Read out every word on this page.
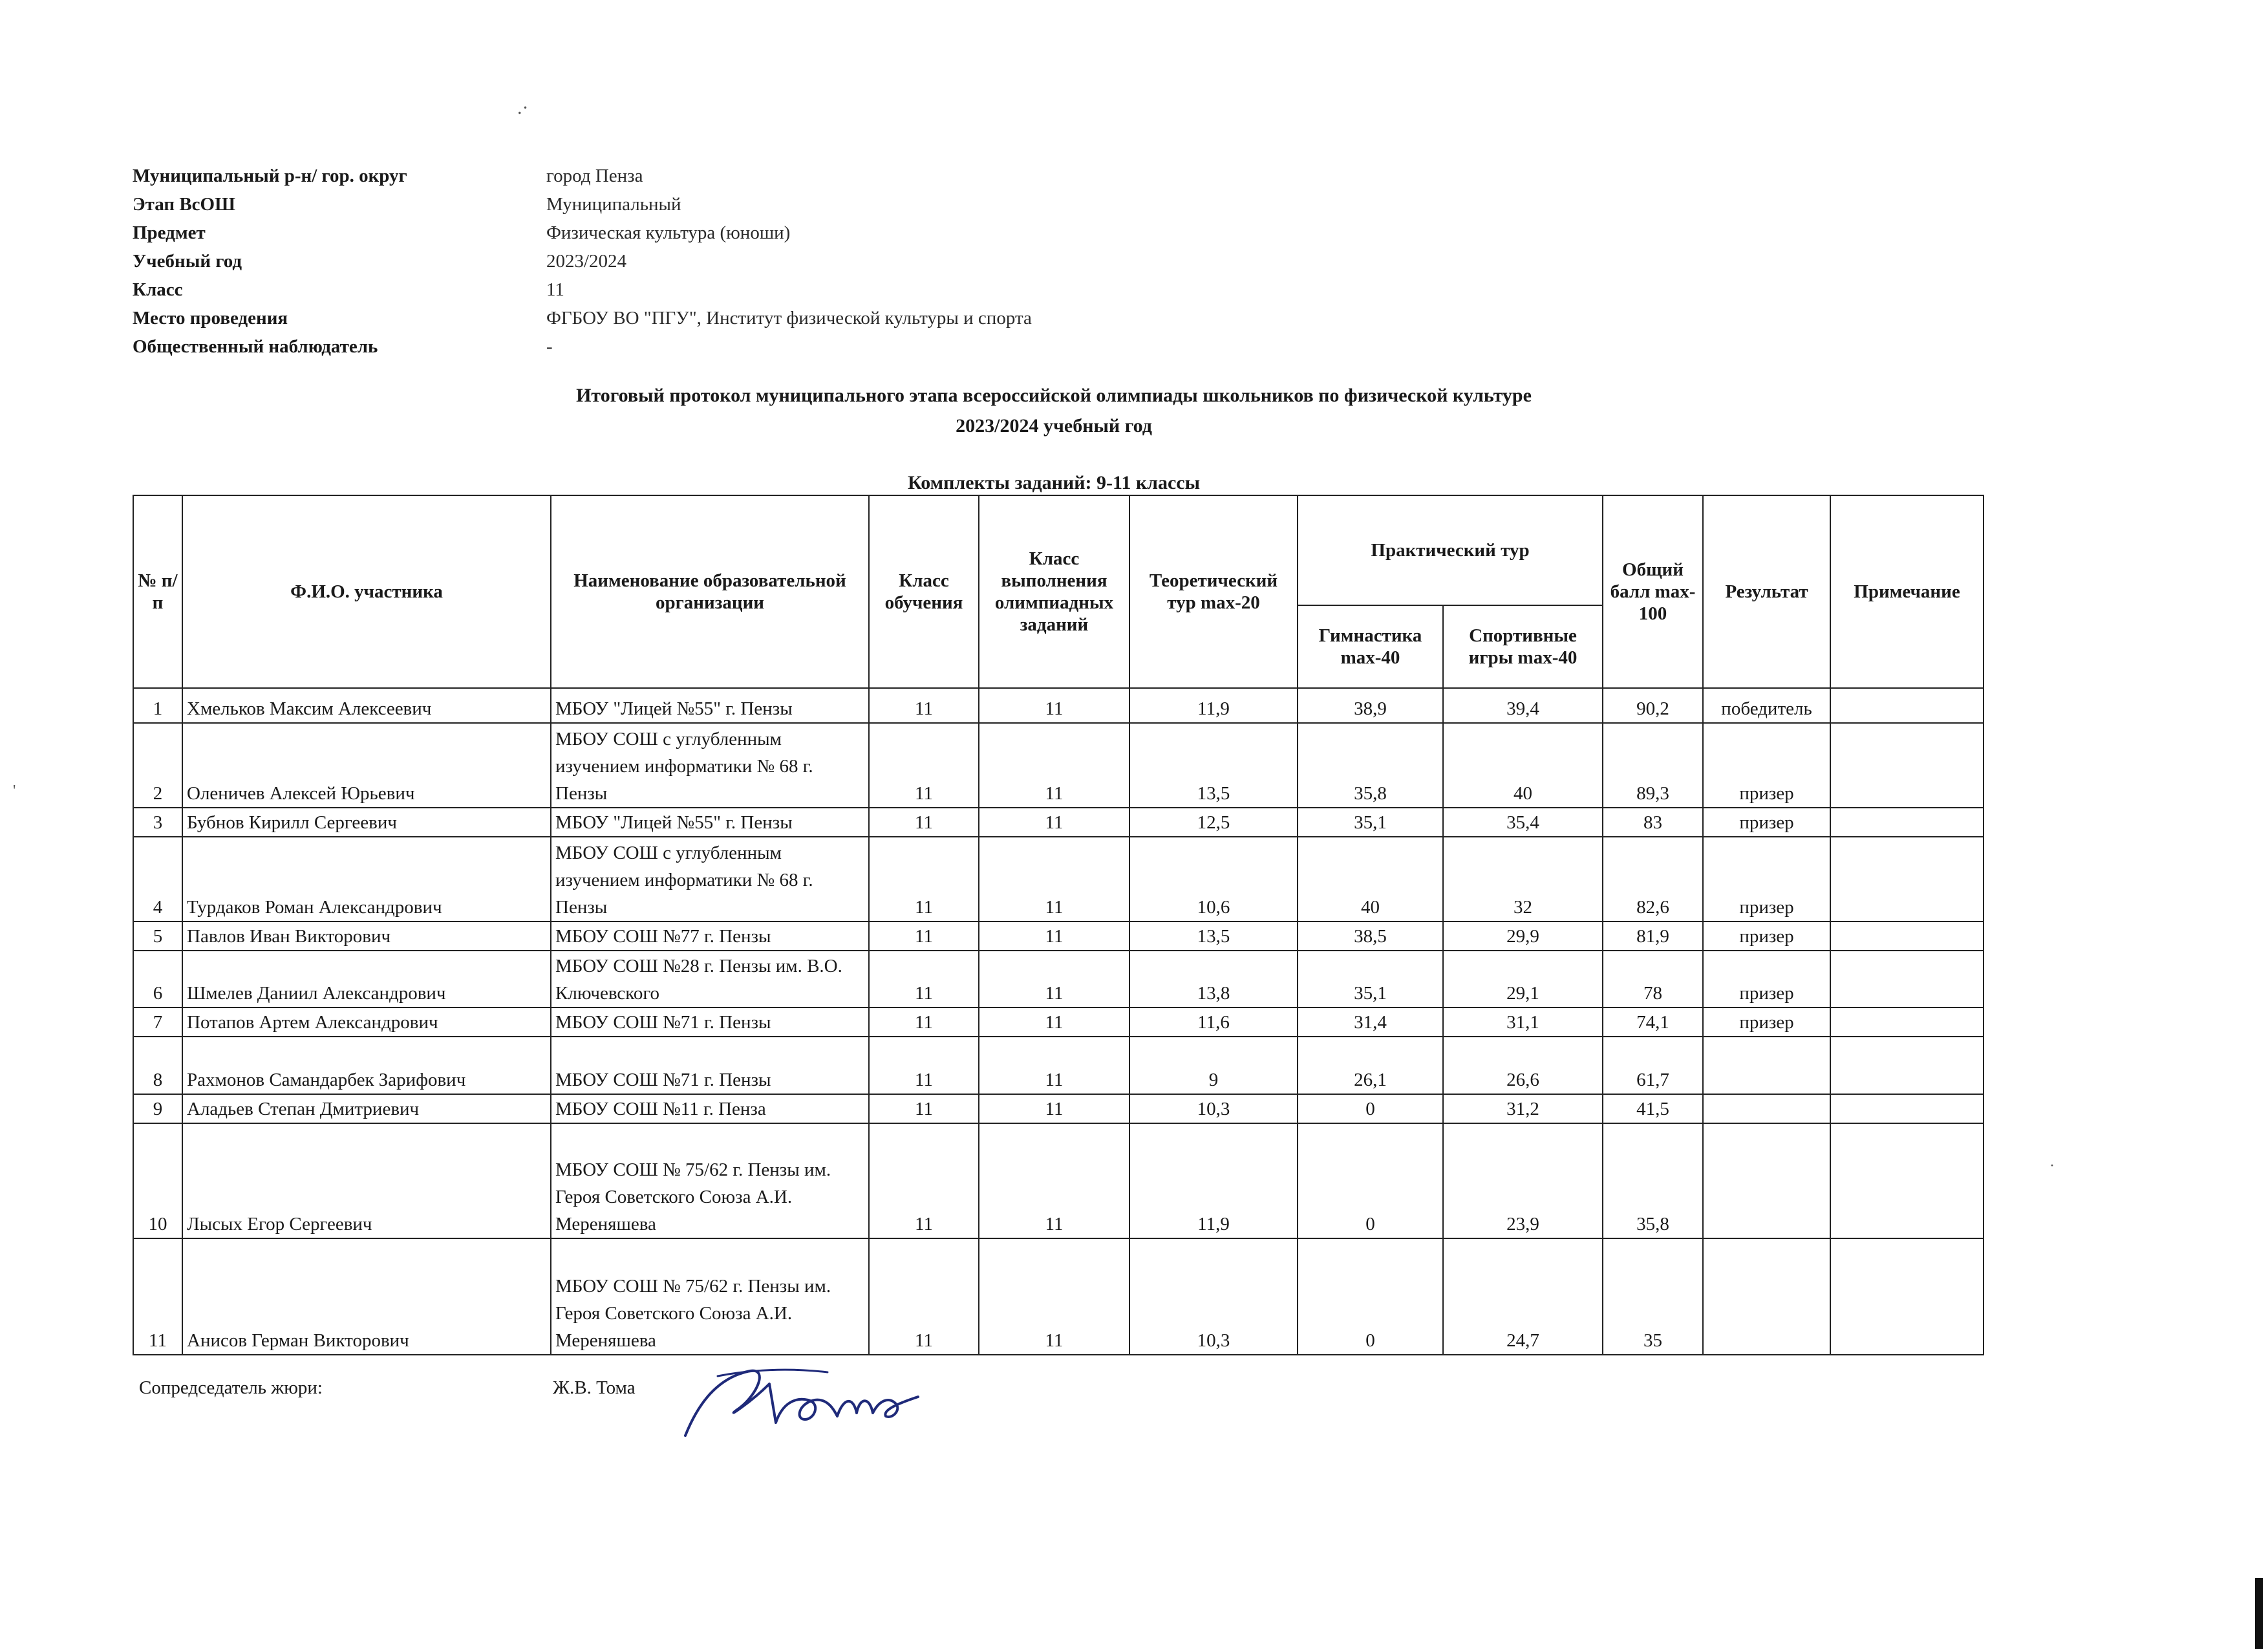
.·
'
·
Муниципальный р-н/ гор. округ	город Пенза
Этап ВсОШ	Муниципальный
Предмет	Физическая культура (юноши)
Учебный год	2023/2024
Класс	11
Место проведения	ФГБОУ ВО "ПГУ", Институт физической культуры и спорта
Общественный наблюдатель	-
Итоговый протокол муниципального этапа всероссийской олимпиады школьников по физической культуре
2023/2024 учебный год
Комплекты заданий: 9-11 классы
№ п/п	Ф.И.О. участника	Наименование образовательной организации	Класс обучения	Класс выполнения олимпиадных заданий	Теоретический тур max-20	Практический тур		Общий балл max-100	Результат	Примечание
						Гимнастика max-40	Спортивные игры max-40			
1	Хмельков Максим Алексеевич	МБОУ "Лицей №55" г. Пензы	11	11	11,9	38,9	39,4	90,2	победитель	
2	Оленичев Алексей Юрьевич	МБОУ СОШ с углубленным изучением информатики № 68 г. Пензы	11	11	13,5	35,8	40	89,3	призер	
3	Бубнов Кирилл Сергеевич	МБОУ "Лицей №55" г. Пензы	11	11	12,5	35,1	35,4	83	призер	
4	Турдаков Роман Александрович	МБОУ СОШ с углубленным изучением информатики № 68 г. Пензы	11	11	10,6	40	32	82,6	призер	
5	Павлов Иван Викторович	МБОУ СОШ №77 г. Пензы	11	11	13,5	38,5	29,9	81,9	призер	
6	Шмелев Даниил Александрович	МБОУ СОШ №28 г. Пензы им. В.О. Ключевского	11	11	13,8	35,1	29,1	78	призер	
7	Потапов Артем Александрович	МБОУ СОШ №71 г. Пензы	11	11	11,6	31,4	31,1	74,1	призер	
8	Рахмонов Самандарбек Зарифович	МБОУ СОШ №71 г. Пензы	11	11	9	26,1	26,6	61,7		
9	Аладьев Степан Дмитриевич	МБОУ СОШ №11 г. Пенза	11	11	10,3	0	31,2	41,5		
10	Лысых Егор Сергеевич	МБОУ СОШ № 75/62 г. Пензы им. Героя Советского Союза А.И. Мереняшева	11	11	11,9	0	23,9	35,8		
11	Анисов Герман Викторович	МБОУ СОШ № 75/62 г. Пензы им. Героя Советского Союза А.И. Мереняшева	11	11	10,3	0	24,7	35		
Сопредседатель жюри:	Ж.В. Тома
